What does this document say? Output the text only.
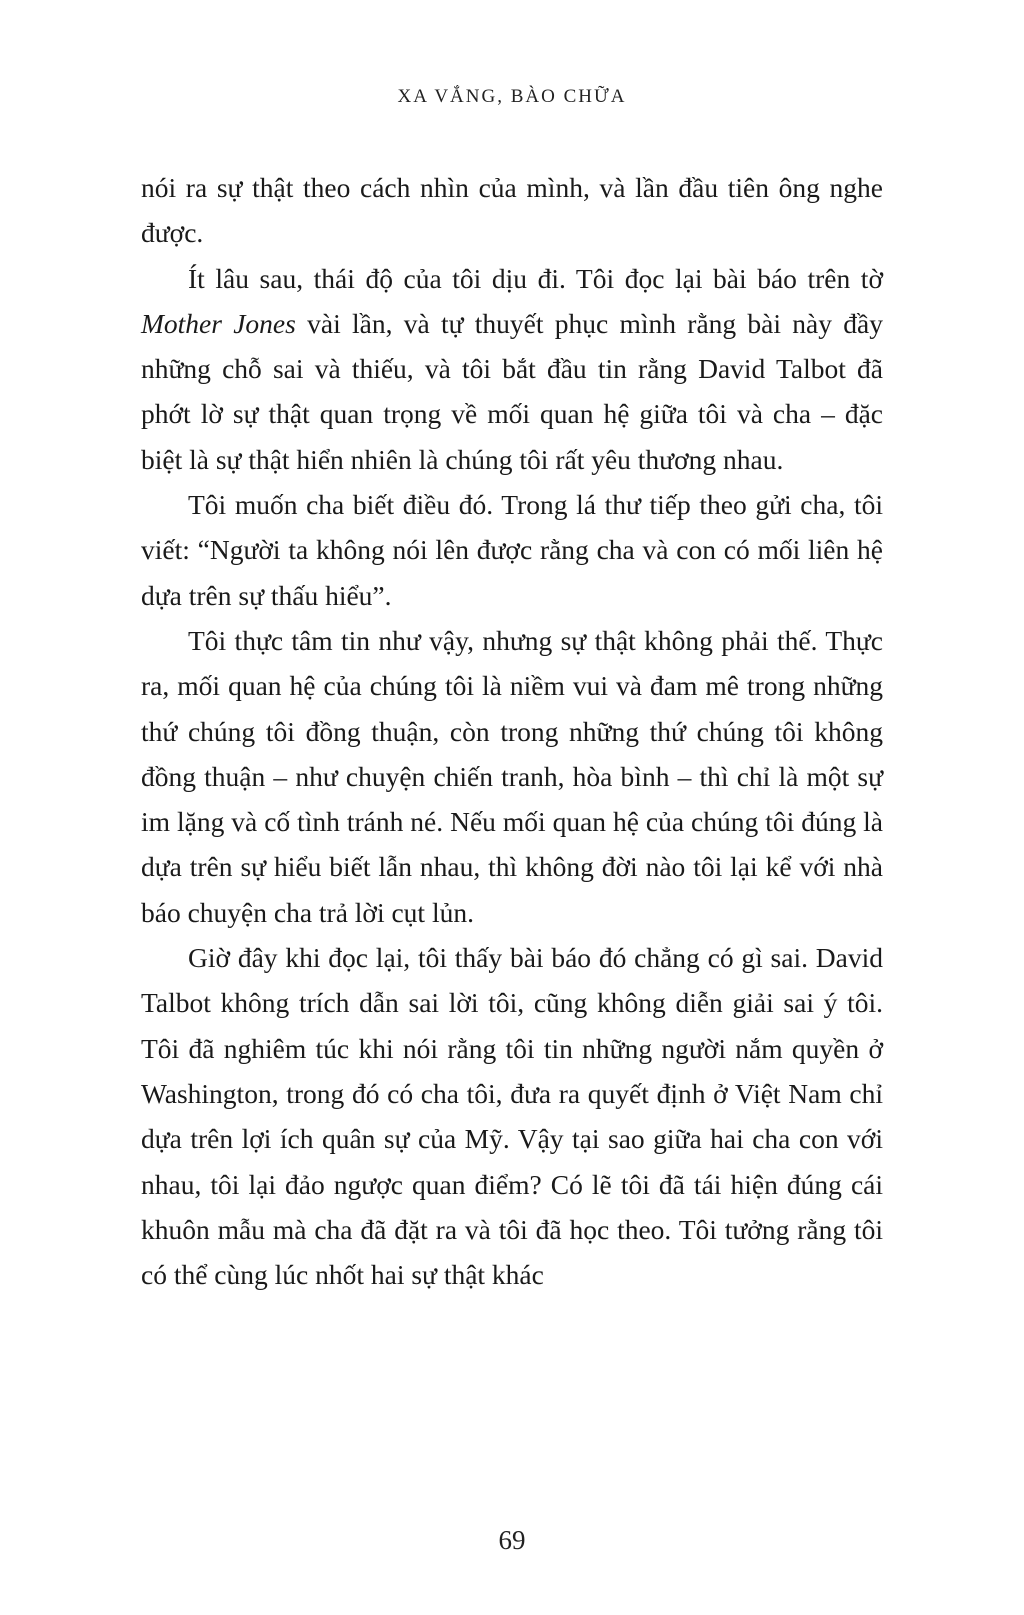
XA VẮNG, BÀO CHỮA

nói ra sự thật theo cách nhìn của mình, và lần đầu tiên ông nghe được.

Ít lâu sau, thái độ của tôi dịu đi. Tôi đọc lại bài báo trên tờ Mother Jones vài lần, và tự thuyết phục mình rằng bài này đầy những chỗ sai và thiếu, và tôi bắt đầu tin rằng David Talbot đã phớt lờ sự thật quan trọng về mối quan hệ giữa tôi và cha – đặc biệt là sự thật hiển nhiên là chúng tôi rất yêu thương nhau.

Tôi muốn cha biết điều đó. Trong lá thư tiếp theo gửi cha, tôi viết: “Người ta không nói lên được rằng cha và con có mối liên hệ dựa trên sự thấu hiểu”.

Tôi thực tâm tin như vậy, nhưng sự thật không phải thế. Thực ra, mối quan hệ của chúng tôi là niềm vui và đam mê trong những thứ chúng tôi đồng thuận, còn trong những thứ chúng tôi không đồng thuận – như chuyện chiến tranh, hòa bình – thì chỉ là một sự im lặng và cố tình tránh né. Nếu mối quan hệ của chúng tôi đúng là dựa trên sự hiểu biết lẫn nhau, thì không đời nào tôi lại kể với nhà báo chuyện cha trả lời cụt lủn.

Giờ đây khi đọc lại, tôi thấy bài báo đó chẳng có gì sai. David Talbot không trích dẫn sai lời tôi, cũng không diễn giải sai ý tôi. Tôi đã nghiêm túc khi nói rằng tôi tin những người nắm quyền ở Washington, trong đó có cha tôi, đưa ra quyết định ở Việt Nam chỉ dựa trên lợi ích quân sự của Mỹ. Vậy tại sao giữa hai cha con với nhau, tôi lại đảo ngược quan điểm? Có lẽ tôi đã tái hiện đúng cái khuôn mẫu mà cha đã đặt ra và tôi đã học theo. Tôi tưởng rằng tôi có thể cùng lúc nhốt hai sự thật khác

69
